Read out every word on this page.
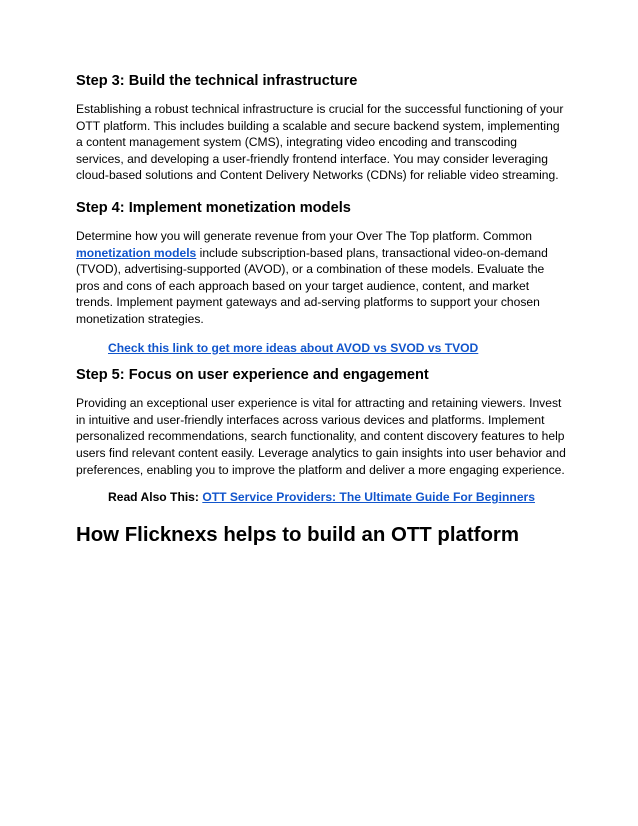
Step 3: Build the technical infrastructure

Establishing a robust technical infrastructure is crucial for the successful functioning of your OTT platform. This includes building a scalable and secure backend system, implementing a content management system (CMS), integrating video encoding and transcoding services, and developing a user-friendly frontend interface. You may consider leveraging cloud-based solutions and Content Delivery Networks (CDNs) for reliable video streaming.

Step 4: Implement monetization models

Determine how you will generate revenue from your Over The Top platform. Common monetization models include subscription-based plans, transactional video-on-demand (TVOD), advertising-supported (AVOD), or a combination of these models. Evaluate the pros and cons of each approach based on your target audience, content, and market trends. Implement payment gateways and ad-serving platforms to support your chosen monetization strategies.

Check this link to get more ideas about AVOD vs SVOD vs TVOD
Step 5: Focus on user experience and engagement

Providing an exceptional user experience is vital for attracting and retaining viewers. Invest in intuitive and user-friendly interfaces across various devices and platforms. Implement personalized recommendations, search functionality, and content discovery features to help users find relevant content easily. Leverage analytics to gain insights into user behavior and preferences, enabling you to improve the platform and deliver a more engaging experience.

Read Also This: OTT Service Providers: The Ultimate Guide For Beginners
How Flicknexs helps to build an OTT platform
